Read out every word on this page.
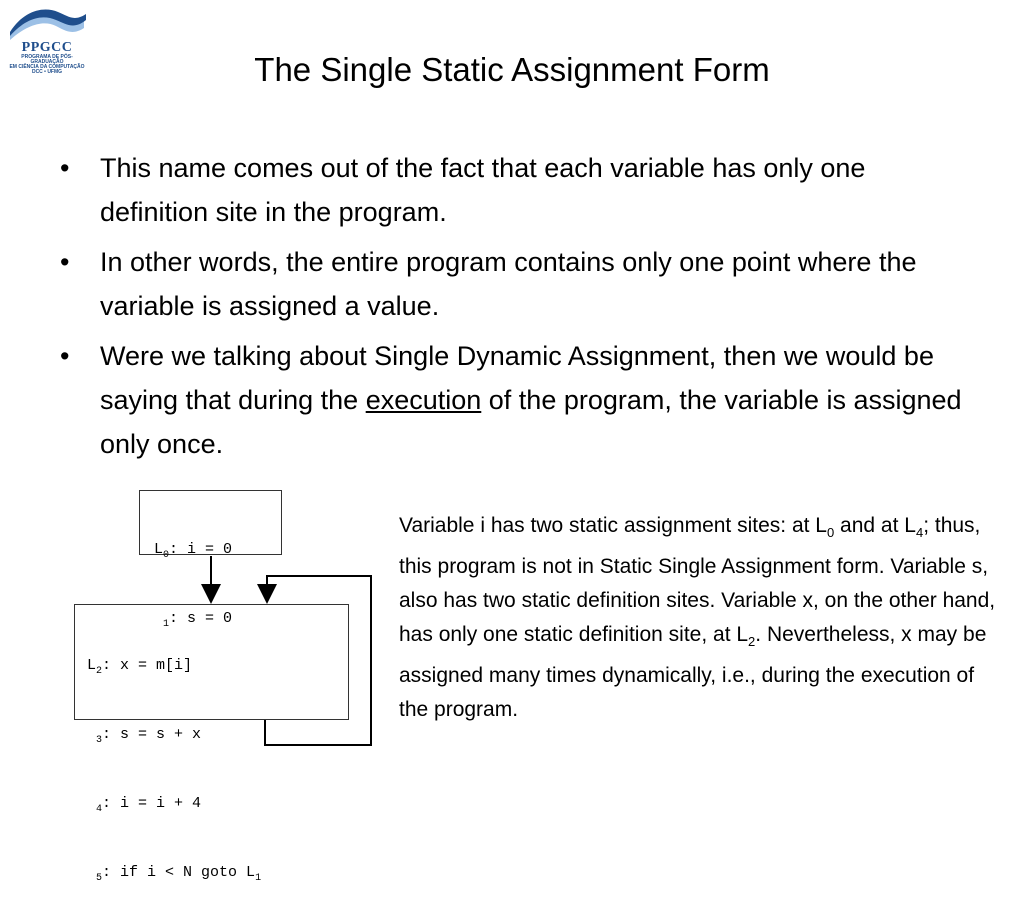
PPGCC
PROGRAMA DE PÓS-GRADUAÇÃO
EM CIÊNCIA DA COMPUTAÇÃO
DCC • UFMG	The Single Static Assignment Form
• This name comes out of the fact that each variable has only one definition site in the program.
• In other words, the entire program contains only one point where the variable is assigned a value.
• Were we talking about Single Dynamic Assignment, then we would be saying that during the execution of the program, the variable is assigned only once.

$L_0$: i = 0

$_1$: s = 0

$L_2$: x = m[i]

$_3$: s = s + x

$_4$: i = i + 4

$_5$: if i < N goto $L_1$

Variable i has two static assignment sites: at $L_0$ and at $L_4$; thus, this program is not in Static Single Assignment form. Variable s, also has two static definition sites. Variable x, on the other hand, has only one static definition site, at $L_2$. Nevertheless, x may be assigned many times dynamically, i.e., during the execution of the program.
